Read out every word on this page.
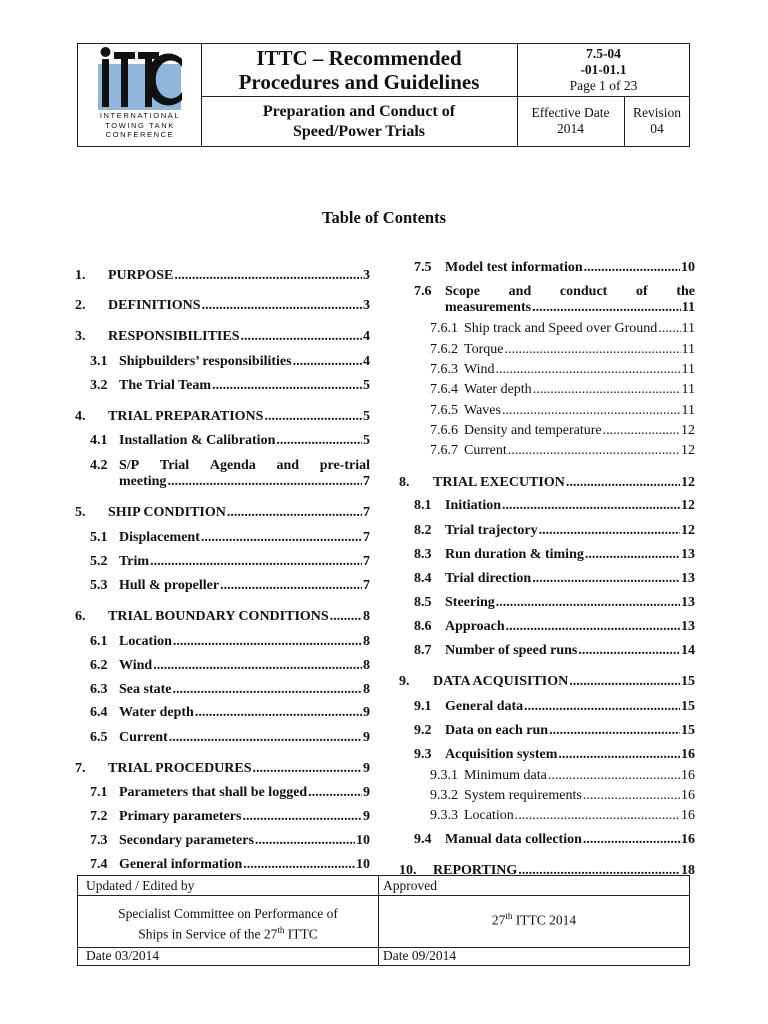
INTERNATIONAL
TOWING TANK
CONFERENCE
ITTC – Recommended
Procedures and Guidelines
7.5-04
-01-01.1
Page 1 of 23
Preparation and Conduct of
Speed/Power Trials
Effective Date
2014
Revision
04
Table of Contents
1.	PURPOSE .....	3
2.	DEFINITIONS .....	3
3.	RESPONSIBILITIES .....	4
3.1 Shipbuilders’ responsibilities .....	4
3.2 The Trial Team .....	5
4.	TRIAL PREPARATIONS .....	5
4.1 Installation & Calibration .....	5
4.2 S/P Trial Agenda and pre-trial
meeting .....	7
5.	SHIP CONDITION .....	7
5.1 Displacement .....	7
5.2 Trim .....	7
5.3 Hull & propeller .....	7
6.	TRIAL BOUNDARY CONDITIONS ..... 8
6.1 Location .....	8
6.2 Wind .....	8
6.3 Sea state .....	8
6.4 Water depth .....	9
6.5 Current .....	9
7.	TRIAL PROCEDURES .....	9
7.1 Parameters that shall be logged .....	9
7.2 Primary parameters .....	9
7.3 Secondary parameters .....	10
7.4 General information .....	10
7.5 Model test information .....	10
7.6 Scope and conduct of the
measurements .....	11
7.6.1 Ship track and Speed over Ground ..... 11
7.6.2 Torque .....	11
7.6.3 Wind .....	11
7.6.4 Water depth .....	11
7.6.5 Waves .....	11
7.6.6 Density and temperature .....	12
7.6.7 Current .....	12
8.	TRIAL EXECUTION .....	12
8.1 Initiation .....	12
8.2 Trial trajectory .....	12
8.3 Run duration & timing .....	13
8.4 Trial direction .....	13
8.5 Steering .....	13
8.6 Approach .....	13
8.7 Number of speed runs .....	14
9.	DATA ACQUISITION .....	15
9.1 General data .....	15
9.2 Data on each run .....	15
9.3 Acquisition system .....	16
9.3.1 Minimum data .....	16
9.3.2 System requirements .....	16
9.3.3 Location .....	16
9.4 Manual data collection .....	16
10.	REPORTING .....	18
Updated / Edited by	Approved
Specialist Committee on Performance of
Ships in Service of the 27th ITTC
27th ITTC 2014
Date 03/2014	Date 09/2014
